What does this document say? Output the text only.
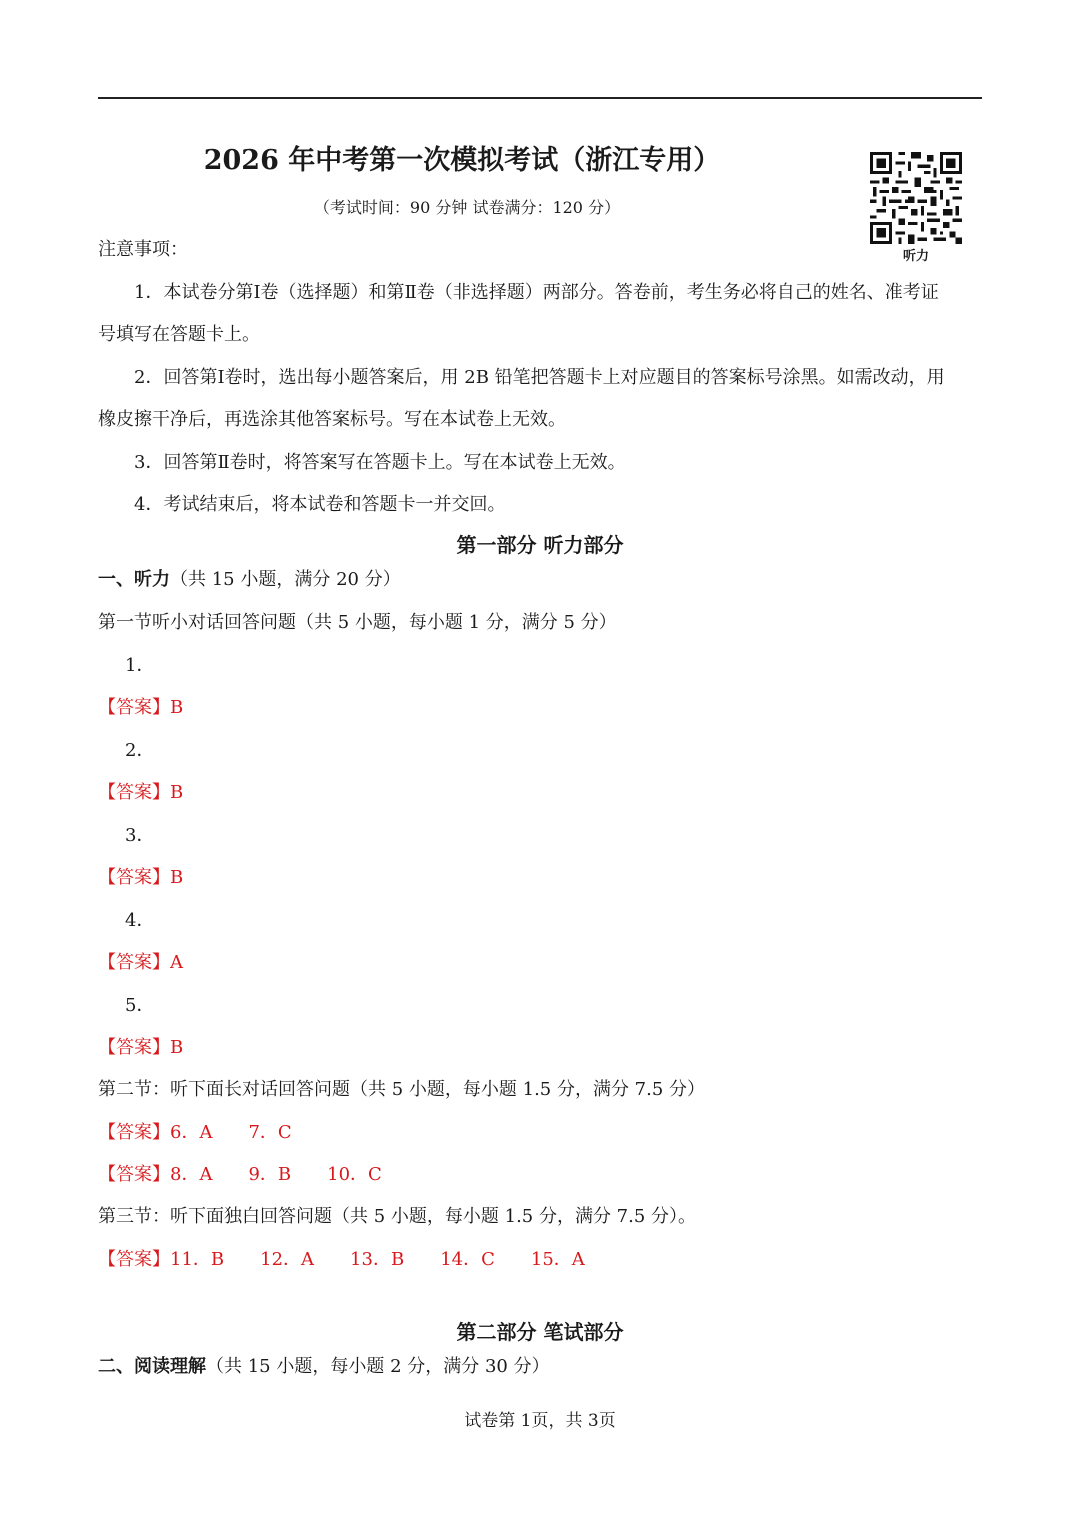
2026 年中考第一次模拟考试（浙江专用）
（考试时间：90 分钟 试卷满分：120 分）
听力
注意事项：
1．本试卷分第Ⅰ卷（选择题）和第Ⅱ卷（非选择题）两部分。答卷前，考生务必将自己的姓名、准考证
号填写在答题卡上。
2．回答第Ⅰ卷时，选出每小题答案后，用 2B 铅笔把答题卡上对应题目的答案标号涂黑。如需改动，用
橡皮擦干净后，再选涂其他答案标号。写在本试卷上无效。
3．回答第Ⅱ卷时，将答案写在答题卡上。写在本试卷上无效。
4．考试结束后，将本试卷和答题卡一并交回。
第一部分 听力部分
一、听力（共 15 小题，满分 20 分）
第一节听小对话回答问题（共 5 小题，每小题 1 分，满分 5 分）
1．
【答案】B
2．
【答案】B
3．
【答案】B
4．
【答案】A
5．
【答案】B
第二节：听下面长对话回答问题（共 5 小题，每小题 1.5 分，满分 7.5 分）
【答案】6．A 7．C
【答案】8．A 9．B 10．C
第三节：听下面独白回答问题（共 5 小题，每小题 1.5 分，满分 7.5 分）。
【答案】11．B 12．A 13．B 14．C 15．A
第二部分 笔试部分
二、阅读理解（共 15 小题，每小题 2 分，满分 30 分）
试卷第 1页，共 3页
